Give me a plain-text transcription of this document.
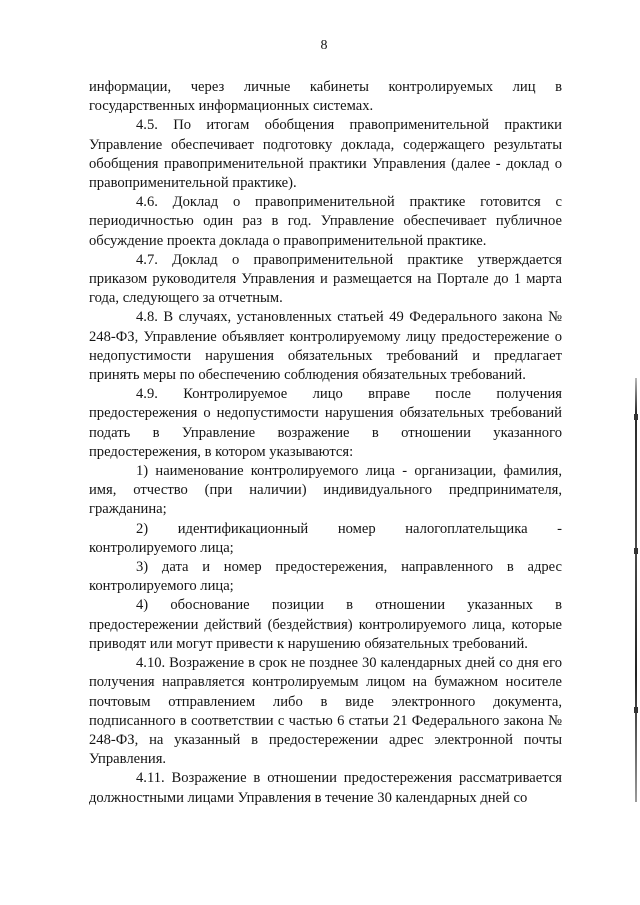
8

информации, через личные кабинеты контролируемых лиц в государственных информационных системах.

4.5. По итогам обобщения правоприменительной практики Управление обеспечивает подготовку доклада, содержащего результаты обобщения правоприменительной практики Управления (далее - доклад о правоприменительной практике).

4.6. Доклад о правоприменительной практике готовится с периодичностью один раз в год. Управление обеспечивает публичное обсуждение проекта доклада о правоприменительной практике.

4.7. Доклад о правоприменительной практике утверждается приказом руководителя Управления и размещается на Портале до 1 марта года, следующего за отчетным.

4.8. В случаях, установленных статьей 49 Федерального закона № 248-ФЗ, Управление объявляет контролируемому лицу предостережение о недопустимости нарушения обязательных требований и предлагает принять меры по обеспечению соблюдения обязательных требований.

4.9. Контролируемое лицо вправе после получения предостережения о недопустимости нарушения обязательных требований подать в Управление возражение в отношении указанного предостережения, в котором указываются:

1) наименование контролируемого лица - организации, фамилия, имя, отчество (при наличии) индивидуального предпринимателя, гражданина;

2) идентификационный номер налогоплательщика - контролируемого лица;

3) дата и номер предостережения, направленного в адрес контролируемого лица;

4) обоснование позиции в отношении указанных в предостережении действий (бездействия) контролируемого лица, которые приводят или могут привести к нарушению обязательных требований.

4.10. Возражение в срок не позднее 30 календарных дней со дня его получения направляется контролируемым лицом на бумажном носителе почтовым отправлением либо в виде электронного документа, подписанного в соответствии с частью 6 статьи 21 Федерального закона № 248-ФЗ, на указанный в предостережении адрес электронной почты Управления.

4.11. Возражение в отношении предостережения рассматривается должностными лицами Управления в течение 30 календарных дней со
